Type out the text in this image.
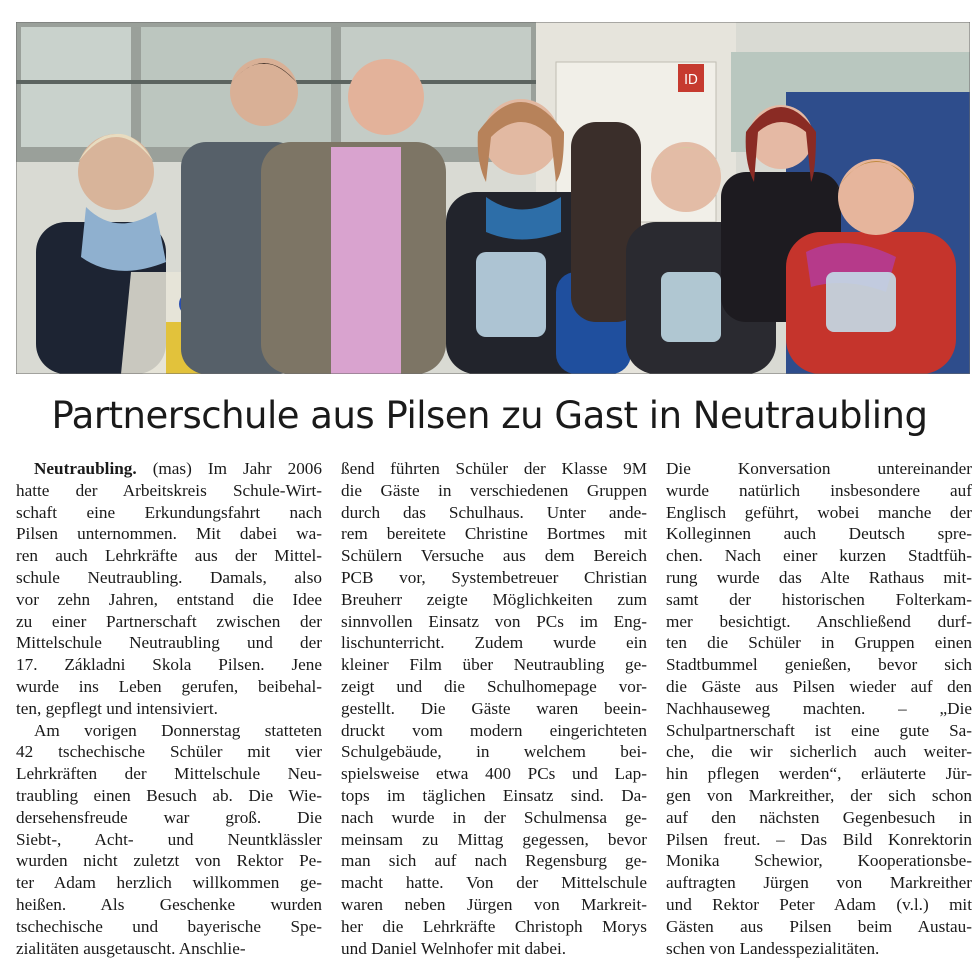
ID
Partnerschule aus Pilsen zu Gast in Neutraubling
Neutraubling. (mas) Im Jahr 2006
hatte der Arbeitskreis Schule-Wirt-
schaft eine Erkundungsfahrt nach
Pilsen unternommen. Mit dabei wa-
ren auch Lehrkräfte aus der Mittel-
schule Neutraubling. Damals, also
vor zehn Jahren, entstand die Idee
zu einer Partnerschaft zwischen der
Mittelschule Neutraubling und der
17. Základni Skola Pilsen. Jene
wurde ins Leben gerufen, beibehal-
ten, gepflegt und intensiviert.
Am vorigen Donnerstag statteten
42 tschechische Schüler mit vier
Lehrkräften der Mittelschule Neu-
traubling einen Besuch ab. Die Wie-
dersehensfreude war groß. Die
Siebt-, Acht- und Neuntklässler
wurden nicht zuletzt von Rektor Pe-
ter Adam herzlich willkommen ge-
heißen. Als Geschenke wurden
tschechische und bayerische Spe-
zialitäten ausgetauscht. Anschlie-
ßend führten Schüler der Klasse 9M
die Gäste in verschiedenen Gruppen
durch das Schulhaus. Unter ande-
rem bereitete Christine Bortmes mit
Schülern Versuche aus dem Bereich
PCB vor, Systembetreuer Christian
Breuherr zeigte Möglichkeiten zum
sinnvollen Einsatz von PCs im Eng-
lischunterricht. Zudem wurde ein
kleiner Film über Neutraubling ge-
zeigt und die Schulhomepage vor-
gestellt. Die Gäste waren beein-
druckt vom modern eingerichteten
Schulgebäude, in welchem bei-
spielsweise etwa 400 PCs und Lap-
tops im täglichen Einsatz sind. Da-
nach wurde in der Schulmensa ge-
meinsam zu Mittag gegessen, bevor
man sich auf nach Regensburg ge-
macht hatte. Von der Mittelschule
waren neben Jürgen von Markreit-
her die Lehrkräfte Christoph Morys
und Daniel Welnhofer mit dabei.
Die Konversation untereinander
wurde natürlich insbesondere auf
Englisch geführt, wobei manche der
Kolleginnen auch Deutsch spre-
chen. Nach einer kurzen Stadtfüh-
rung wurde das Alte Rathaus mit-
samt der historischen Folterkam-
mer besichtigt. Anschließend durf-
ten die Schüler in Gruppen einen
Stadtbummel genießen, bevor sich
die Gäste aus Pilsen wieder auf den
Nachhauseweg machten. – „Die
Schulpartnerschaft ist eine gute Sa-
che, die wir sicherlich auch weiter-
hin pflegen werden“, erläuterte Jür-
gen von Markreither, der sich schon
auf den nächsten Gegenbesuch in
Pilsen freut. – Das Bild Konrektorin
Monika Schewior, Kooperationsbe-
auftragten Jürgen von Markreither
und Rektor Peter Adam (v.l.) mit
Gästen aus Pilsen beim Austau-
schen von Landesspezialitäten.
